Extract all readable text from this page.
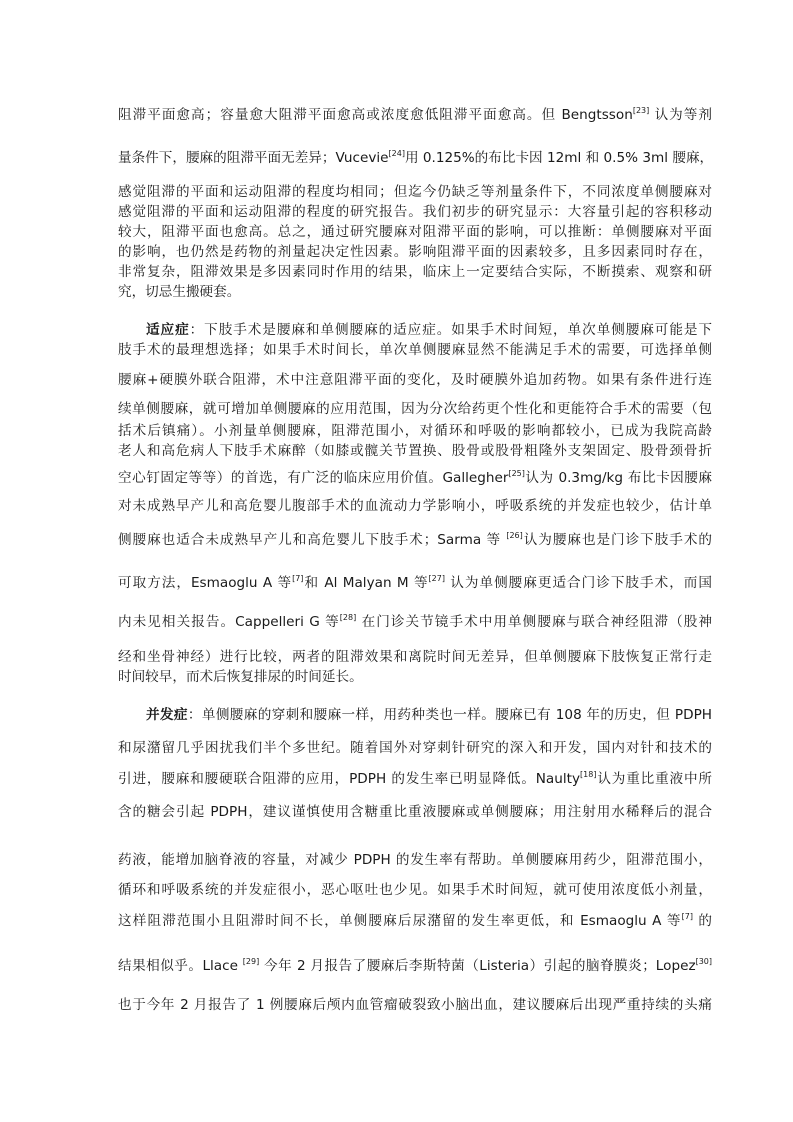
阻滞平面愈高；容量愈大阻滞平面愈高或浓度愈低阻滞平面愈高。但 Bengtsson[23] 认为等剂
量条件下，腰麻的阻滞平面无差异；Vucevie[24]用 0.125%的布比卡因 12ml 和 0.5% 3ml 腰麻，
感觉阻滞的平面和运动阻滞的程度均相同；但迄今仍缺乏等剂量条件下，不同浓度单侧腰麻对
感觉阻滞的平面和运动阻滞的程度的研究报告。我们初步的研究显示：大容量引起的容积移动
较大，阻滞平面也愈高。总之，通过研究腰麻对阻滞平面的影响，可以推断：单侧腰麻对平面
的影响，也仍然是药物的剂量起决定性因素。影响阻滞平面的因素较多，且多因素同时存在，
非常复杂，阻滞效果是多因素同时作用的结果，临床上一定要结合实际，不断摸索、观察和研
究，切忌生搬硬套。
适应症：下肢手术是腰麻和单侧腰麻的适应症。如果手术时间短，单次单侧腰麻可能是下
肢手术的最理想选择；如果手术时间长，单次单侧腰麻显然不能满足手术的需要，可选择单侧
腰麻+硬膜外联合阻滞，术中注意阻滞平面的变化，及时硬膜外追加药物。如果有条件进行连
续单侧腰麻，就可增加单侧腰麻的应用范围，因为分次给药更个性化和更能符合手术的需要（包
括术后镇痛）。小剂量单侧腰麻，阻滞范围小，对循环和呼吸的影响都较小，已成为我院高龄
老人和高危病人下肢手术麻醉（如膝或髋关节置换、股骨或股骨粗隆外支架固定、股骨颈骨折
空心钉固定等等）的首选，有广泛的临床应用价值。Gallegher[25]认为 0.3mg/kg 布比卡因腰麻
对未成熟早产儿和高危婴儿腹部手术的血流动力学影响小，呼吸系统的并发症也较少，估计单
侧腰麻也适合未成熟早产儿和高危婴儿下肢手术；Sarma 等 [26]认为腰麻也是门诊下肢手术的
可取方法，Esmaoglu A 等[7]和 Al Malyan M 等[27] 认为单侧腰麻更适合门诊下肢手术，而国
内未见相关报告。Cappelleri G 等[28] 在门诊关节镜手术中用单侧腰麻与联合神经阻滞（股神
经和坐骨神经）进行比较，两者的阻滞效果和离院时间无差异，但单侧腰麻下肢恢复正常行走
时间较早，而术后恢复排尿的时间延长。
并发症：单侧腰麻的穿刺和腰麻一样，用药种类也一样。腰麻已有 108 年的历史，但 PDPH
和尿潴留几乎困扰我们半个多世纪。随着国外对穿刺针研究的深入和开发，国内对针和技术的
引进，腰麻和腰硬联合阻滞的应用，PDPH 的发生率已明显降低。Naulty[18]认为重比重液中所
含的糖会引起 PDPH，建议谨慎使用含糖重比重液腰麻或单侧腰麻；用注射用水稀释后的混合
药液，能增加脑脊液的容量，对减少 PDPH 的发生率有帮助。单侧腰麻用药少，阻滞范围小，
循环和呼吸系统的并发症很小，恶心呕吐也少见。如果手术时间短，就可使用浓度低小剂量，
这样阻滞范围小且阻滞时间不长，单侧腰麻后尿潴留的发生率更低，和 Esmaoglu A 等[7] 的
结果相似乎。Llace [29] 今年 2 月报告了腰麻后李斯特菌（Listeria）引起的脑脊膜炎；Lopez[30]
也于今年 2 月报告了 1 例腰麻后颅内血管瘤破裂致小脑出血，建议腰麻后出现严重持续的头痛
